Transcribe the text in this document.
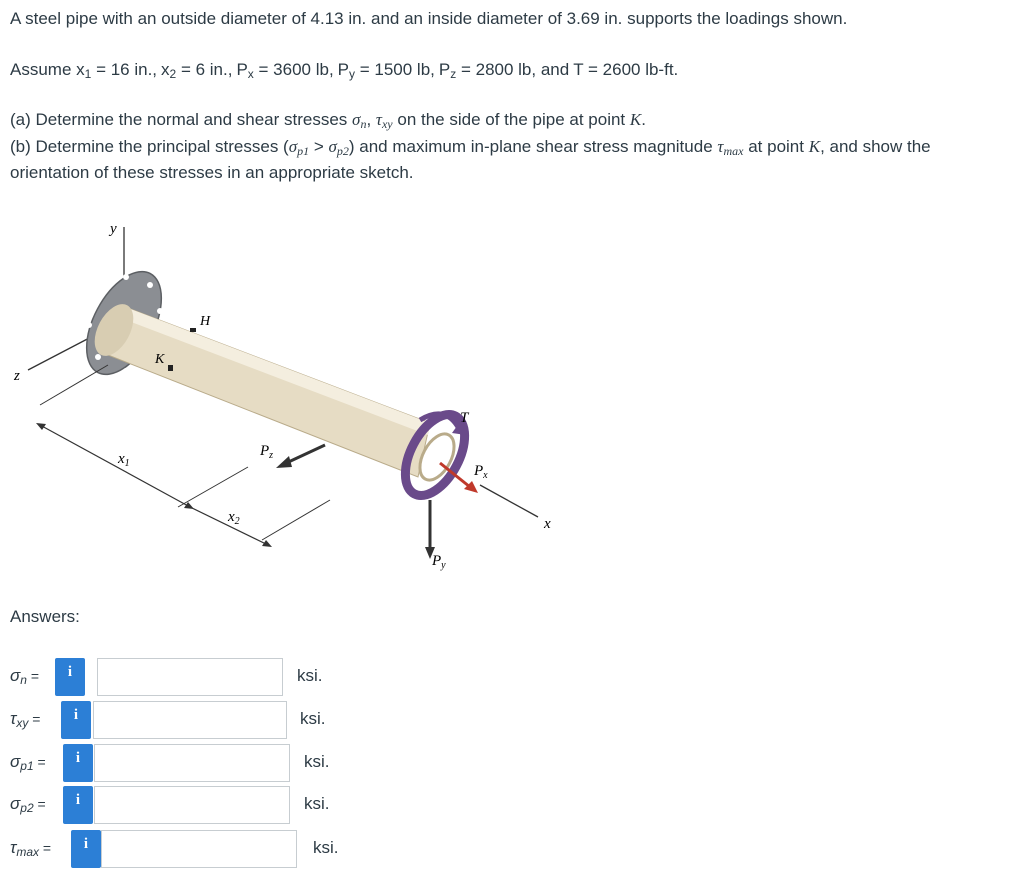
A steel pipe with an outside diameter of 4.13 in. and an inside diameter of 3.69 in. supports the loadings shown.

Assume $x_1 = 16$ in., $x_2 = 6$ in., $P_x = 3600$ lb, $P_y = 1500$ lb, $P_z = 2800$ lb, and T = 2600 lb-ft.

(a) Determine the normal and shear stresses $\sigma_n$, $\tau_{xy}$ on the side of the pipe at point K.

(b) Determine the principal stresses $(\sigma_{p1} > \sigma_{p2})$ and maximum in-plane shear stress magnitude $\tau_{max}$ at point K, and show the

orientation of these stresses in an appropriate sketch.

y
z
x
T
K
H
$P_z$
$P_x$
$P_y$
$x_1$
$x_2$

Answers:

$\sigma_n$ =	i	ksi.
$\tau_{xy}$ =	i	ksi.
$\sigma_{p1}$ =	i	ksi.
$\sigma_{p2}$ =	i	ksi.
$\tau_{max}$ =	i	ksi.
